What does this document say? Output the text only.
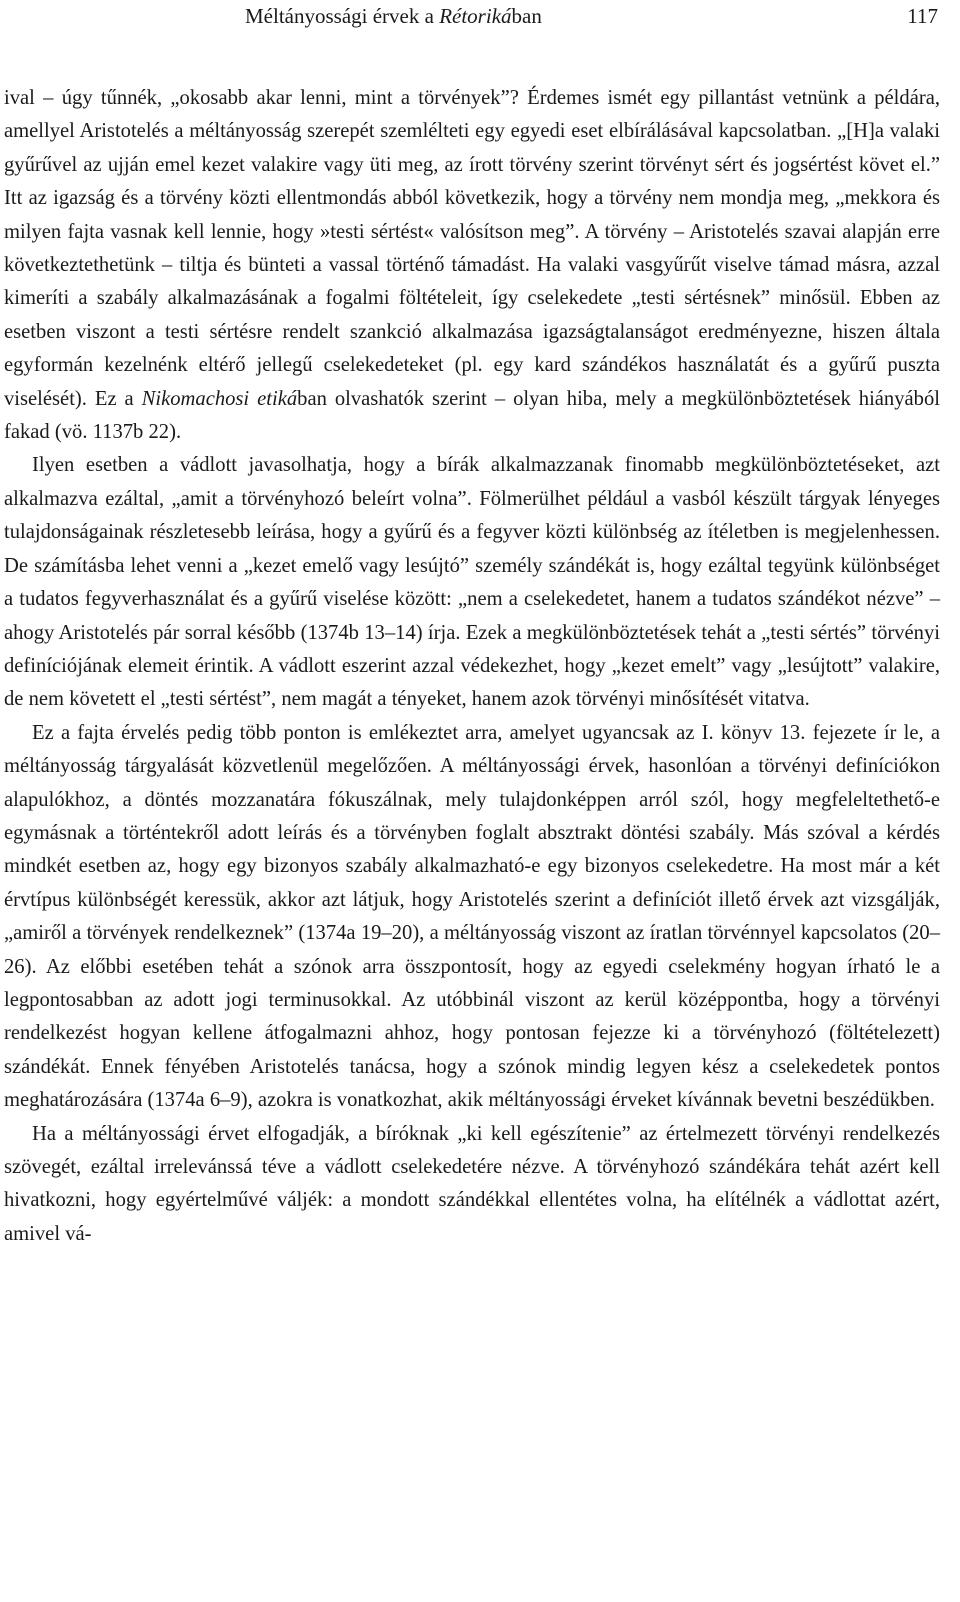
Méltányossági érvek a Rétorikában	117

ival – úgy tűnnék, „okosabb akar lenni, mint a törvények”? Érdemes ismét egy pillantást vetnünk a példára, amellyel Aristotelés a méltányosság szerepét szemlélteti egy egyedi eset elbírálásával kapcsolatban. „[H]a valaki gyűrűvel az ujján emel kezet valakire vagy üti meg, az írott törvény szerint törvényt sért és jogsértést követ el.” Itt az igazság és a törvény közti ellentmondás abból következik, hogy a törvény nem mondja meg, „mekkora és milyen fajta vasnak kell lennie, hogy »testi sértést« valósítson meg”. A törvény – Aristotelés szavai alapján erre következtethetünk – tiltja és bünteti a vassal történő támadást. Ha valaki vasgyűrűt viselve támad másra, azzal kimeríti a szabály alkalmazásának a fogalmi föltételeit, így cselekedete „testi sértésnek” minősül. Ebben az esetben viszont a testi sértésre rendelt szankció alkalmazása igazságtalanságot eredményezne, hiszen általa egyformán kezelnénk eltérő jellegű cselekedeteket (pl. egy kard szándékos használatát és a gyűrű puszta viselését). Ez a Nikomachosi etikában olvashatók szerint – olyan hiba, mely a megkülönböztetések hiányából fakad (vö. 1137b 22).

Ilyen esetben a vádlott javasolhatja, hogy a bírák alkalmazzanak finomabb megkülönböztetéseket, azt alkalmazva ezáltal, „amit a törvényhozó beleírt volna”. Fölmerülhet például a vasból készült tárgyak lényeges tulajdonságainak részletesebb leírása, hogy a gyűrű és a fegyver közti különbség az ítéletben is megjelenhessen. De számításba lehet venni a „kezet emelő vagy lesújtó” személy szándékát is, hogy ezáltal tegyünk különbséget a tudatos fegyverhasználat és a gyűrű viselése között: „nem a cselekedetet, hanem a tudatos szándékot nézve” – ahogy Aristotelés pár sorral később (1374b 13–14) írja. Ezek a megkülönböztetések tehát a „testi sértés” törvényi definíciójának elemeit érintik. A vádlott eszerint azzal védekezhet, hogy „kezet emelt” vagy „lesújtott” valakire, de nem követett el „testi sértést”, nem magát a tényeket, hanem azok törvényi minősítését vitatva.

Ez a fajta érvelés pedig több ponton is emlékeztet arra, amelyet ugyancsak az I. könyv 13. fejezete ír le, a méltányosság tárgyalását közvetlenül megelőzően. A méltányossági érvek, hasonlóan a törvényi definíciókon alapulókhoz, a döntés mozzanatára fókuszálnak, mely tulajdonképpen arról szól, hogy megfeleltethető-e egymásnak a történtekről adott leírás és a törvényben foglalt absztrakt döntési szabály. Más szóval a kérdés mindkét esetben az, hogy egy bizonyos szabály alkalmazható-e egy bizonyos cselekedetre. Ha most már a két érvtípus különbségét keressük, akkor azt látjuk, hogy Aristotelés szerint a definíciót illető érvek azt vizsgálják, „amiről a törvények rendelkeznek” (1374a 19–20), a méltányosság viszont az íratlan törvénnyel kapcsolatos (20–26). Az előbbi esetében tehát a szónok arra összpontosít, hogy az egyedi cselekmény hogyan írható le a legpontosabban az adott jogi terminusokkal. Az utóbbinál viszont az kerül középpontba, hogy a törvényi rendelkezést hogyan kellene átfogalmazni ahhoz, hogy pontosan fejezze ki a törvényhozó (föltételezett) szándékát. Ennek fényében Aristotelés tanácsa, hogy a szónok mindig legyen kész a cselekedetek pontos meghatározására (1374a 6–9), azokra is vonatkozhat, akik méltányossági érveket kívánnak bevetni beszédükben.

Ha a méltányossági érvet elfogadják, a bíróknak „ki kell egészítenie” az értelmezett törvényi rendelkezés szövegét, ezáltal irrelevánssá téve a vádlott cselekedetére nézve. A törvényhozó szándékára tehát azért kell hivatkozni, hogy egyértelművé váljék: a mondott szándékkal ellentétes volna, ha elítélnék a vádlottat azért, amivel vá-
